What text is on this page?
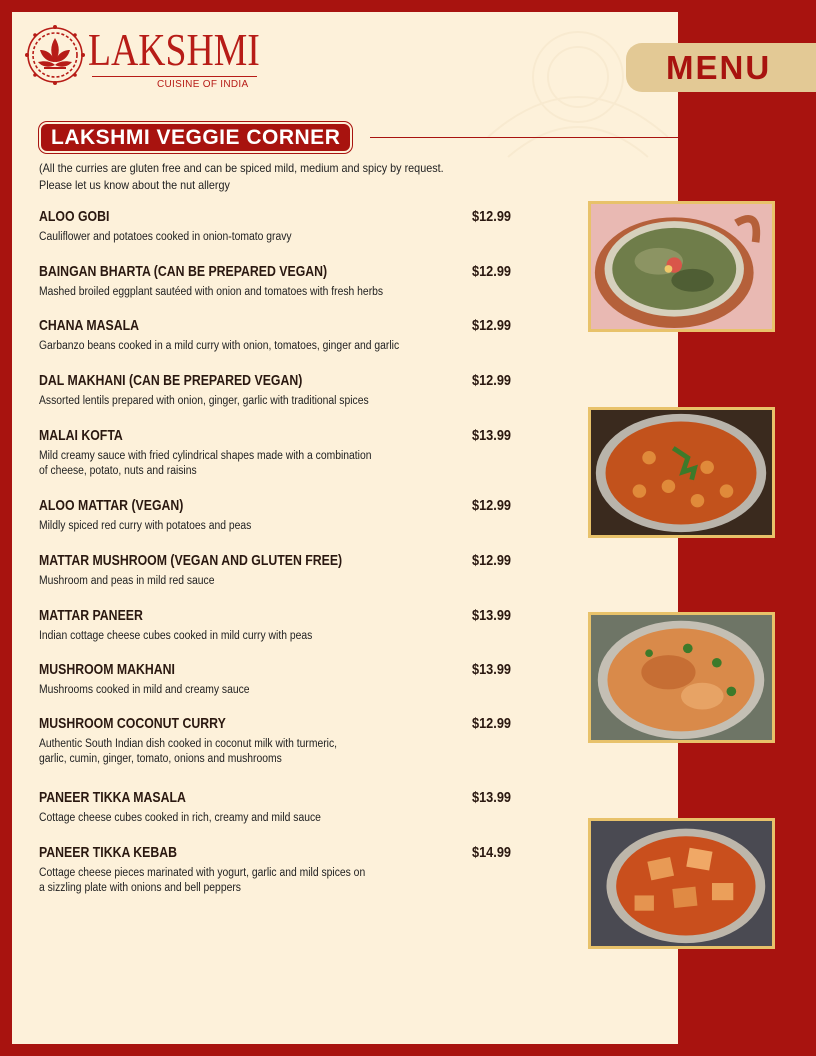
LAKSHMI
CUISINE OF INDIA	MENU
LAKSHMI VEGGIE CORNER
(All the curries are gluten free and can be spiced mild, medium and spicy by request.
Please let us know about the nut allergy
ALOO GOBI	$12.99
Cauliflower and potatoes cooked in onion-tomato gravy
BAINGAN BHARTA (CAN BE PREPARED VEGAN)	$12.99
Mashed broiled eggplant sautéed with onion and tomatoes with fresh herbs
CHANA MASALA	$12.99
Garbanzo beans cooked in a mild curry with onion, tomatoes, ginger and garlic
DAL MAKHANI (CAN BE PREPARED VEGAN)	$12.99
Assorted lentils prepared with onion, ginger, garlic with traditional spices
MALAI KOFTA	$13.99
Mild creamy sauce with fried cylindrical shapes made with a combination
of cheese, potato, nuts and raisins
ALOO MATTAR (VEGAN)	$12.99
Mildly spiced red curry with potatoes and peas
MATTAR MUSHROOM (VEGAN AND GLUTEN FREE)	$12.99
Mushroom and peas in mild red sauce
MATTAR PANEER	$13.99
Indian cottage cheese cubes cooked in mild curry with peas
MUSHROOM MAKHANI	$13.99
Mushrooms cooked in mild and creamy sauce
MUSHROOM COCONUT CURRY	$12.99
Authentic South Indian dish cooked in coconut milk with turmeric,
garlic, cumin, ginger, tomato, onions and mushrooms
PANEER TIKKA MASALA	$13.99
Cottage cheese cubes cooked in rich, creamy and mild sauce
PANEER TIKKA KEBAB	$14.99
Cottage cheese pieces marinated with yogurt, garlic and mild spices on
a sizzling plate with onions and bell peppers
